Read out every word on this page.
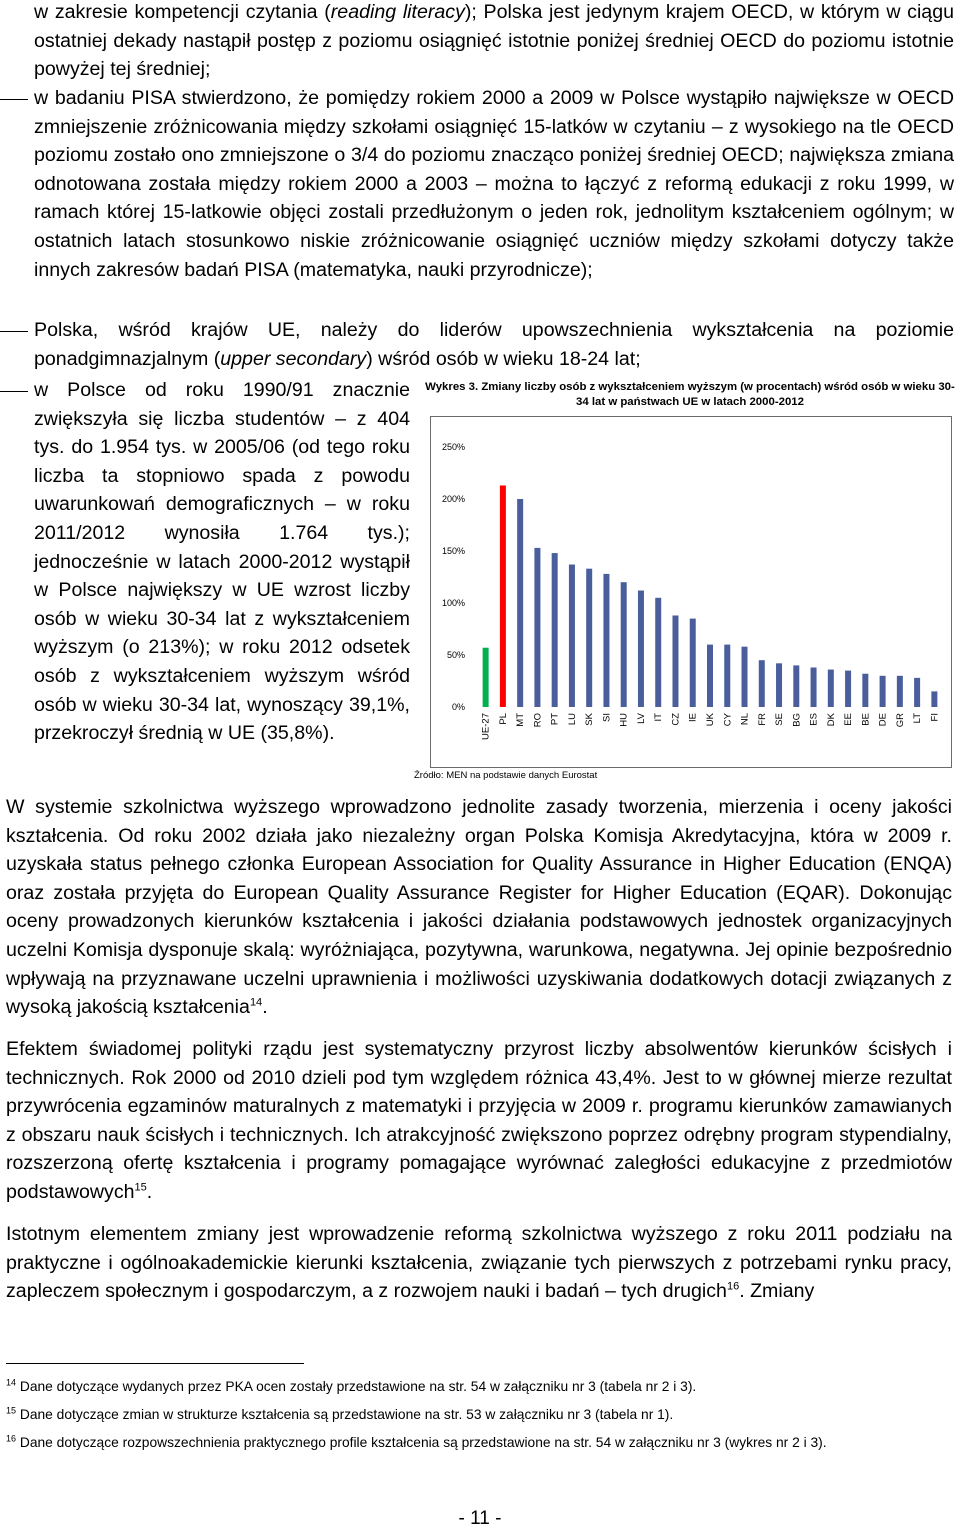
w zakresie kompetencji czytania (reading literacy); Polska jest jedynym krajem OECD, w którym w ciągu ostatniej dekady nastąpił postęp z poziomu osiągnięć istotnie poniżej średniej OECD do poziomu istotnie powyżej tej średniej;
w badaniu PISA stwierdzono, że pomiędzy rokiem 2000 a 2009 w Polsce wystąpiło największe w OECD zmniejszenie zróżnicowania między szkołami osiągnięć 15-latków w czytaniu – z wysokiego na tle OECD poziomu zostało ono zmniejszone o 3/4 do poziomu znacząco poniżej średniej OECD; największa zmiana odnotowana została między rokiem 2000 a 2003 – można to łączyć z reformą edukacji z roku 1999, w ramach której 15-latkowie objęci zostali przedłużonym o jeden rok, jednolitym kształceniem ogólnym; w ostatnich latach stosunkowo niskie zróżnicowanie osiągnięć uczniów między szkołami dotyczy także innych zakresów badań PISA (matematyka, nauki przyrodnicze);
Polska, wśród krajów UE, należy do liderów upowszechnienia wykształcenia na poziomie ponadgimnazjalnym (upper secondary) wśród osób w wieku 18-24 lat;
w Polsce od roku 1990/91 znacznie zwiększyła się liczba studentów – z 404 tys. do 1.954 tys. w 2005/06 (od tego roku liczba ta stopniowo spada z powodu uwarunkowań demograficznych – w roku 2011/2012 wynosiła 1.764 tys.); jednocześnie w latach 2000-2012 wystąpił w Polsce największy w UE wzrost liczby osób w wieku 30-34 lat z wykształceniem wyższym (o 213%); w roku 2012 odsetek osób z wykształceniem wyższym wśród osób w wieku 30-34 lat, wynoszący 39,1%, przekroczył średnią w UE (35,8%).
Wykres 3. Zmiany liczby osób z wykształceniem wyższym (w procentach) wśród osób w wieku 30-34 lat w państwach UE w latach 2000-2012
0%
50%
100%
150%
200%
250%
UE-27 PL MT RO PT LU SK SI HU LV IT CZ IE UK CY NL FR SE BG ES DK EE BE DE GR LT FI
Źródło: MEN na podstawie danych Eurostat
W systemie szkolnictwa wyższego wprowadzono jednolite zasady tworzenia, mierzenia i oceny jakości kształcenia. Od roku 2002 działa jako niezależny organ Polska Komisja Akredytacyjna, która w 2009 r. uzyskała status pełnego członka European Association for Quality Assurance in Higher Education (ENQA) oraz została przyjęta do European Quality Assurance Register for Higher Education (EQAR). Dokonując oceny prowadzonych kierunków kształcenia i jakości działania podstawowych jednostek organizacyjnych uczelni Komisja dysponuje skalą: wyróżniająca, pozytywna, warunkowa, negatywna. Jej opinie bezpośrednio wpływają na przyznawane uczelni uprawnienia i możliwości uzyskiwania dodatkowych dotacji związanych z wysoką jakością kształcenia$^{14}$.
Efektem świadomej polityki rządu jest systematyczny przyrost liczby absolwentów kierunków ścisłych i technicznych. Rok 2000 od 2010 dzieli pod tym względem różnica 43,4%. Jest to w głównej mierze rezultat przywrócenia egzaminów maturalnych z matematyki i przyjęcia w 2009 r. programu kierunków zamawianych z obszaru nauk ścisłych i technicznych. Ich atrakcyjność zwiększono poprzez odrębny program stypendialny, rozszerzoną ofertę kształcenia i programy pomagające wyrównać zaległości edukacyjne z przedmiotów podstawowych$^{15}$.
Istotnym elementem zmiany jest wprowadzenie reformą szkolnictwa wyższego z roku 2011 podziału na praktyczne i ogólnoakademickie kierunki kształcenia, związanie tych pierwszych z potrzebami rynku pracy, zapleczem społecznym i gospodarczym, a z rozwojem nauki i badań – tych drugich$^{16}$. Zmiany
$^{14}$ Dane dotyczące wydanych przez PKA ocen zostały przedstawione na str. 54 w załączniku nr 3 (tabela nr 2 i 3).
$^{15}$ Dane dotyczące zmian w strukturze kształcenia są przedstawione na str. 53 w załączniku nr 3 (tabela nr 1).
$^{16}$ Dane dotyczące rozpowszechnienia praktycznego profile kształcenia są przedstawione na str. 54 w załączniku nr 3 (wykres nr 2 i 3).
- 11 -
